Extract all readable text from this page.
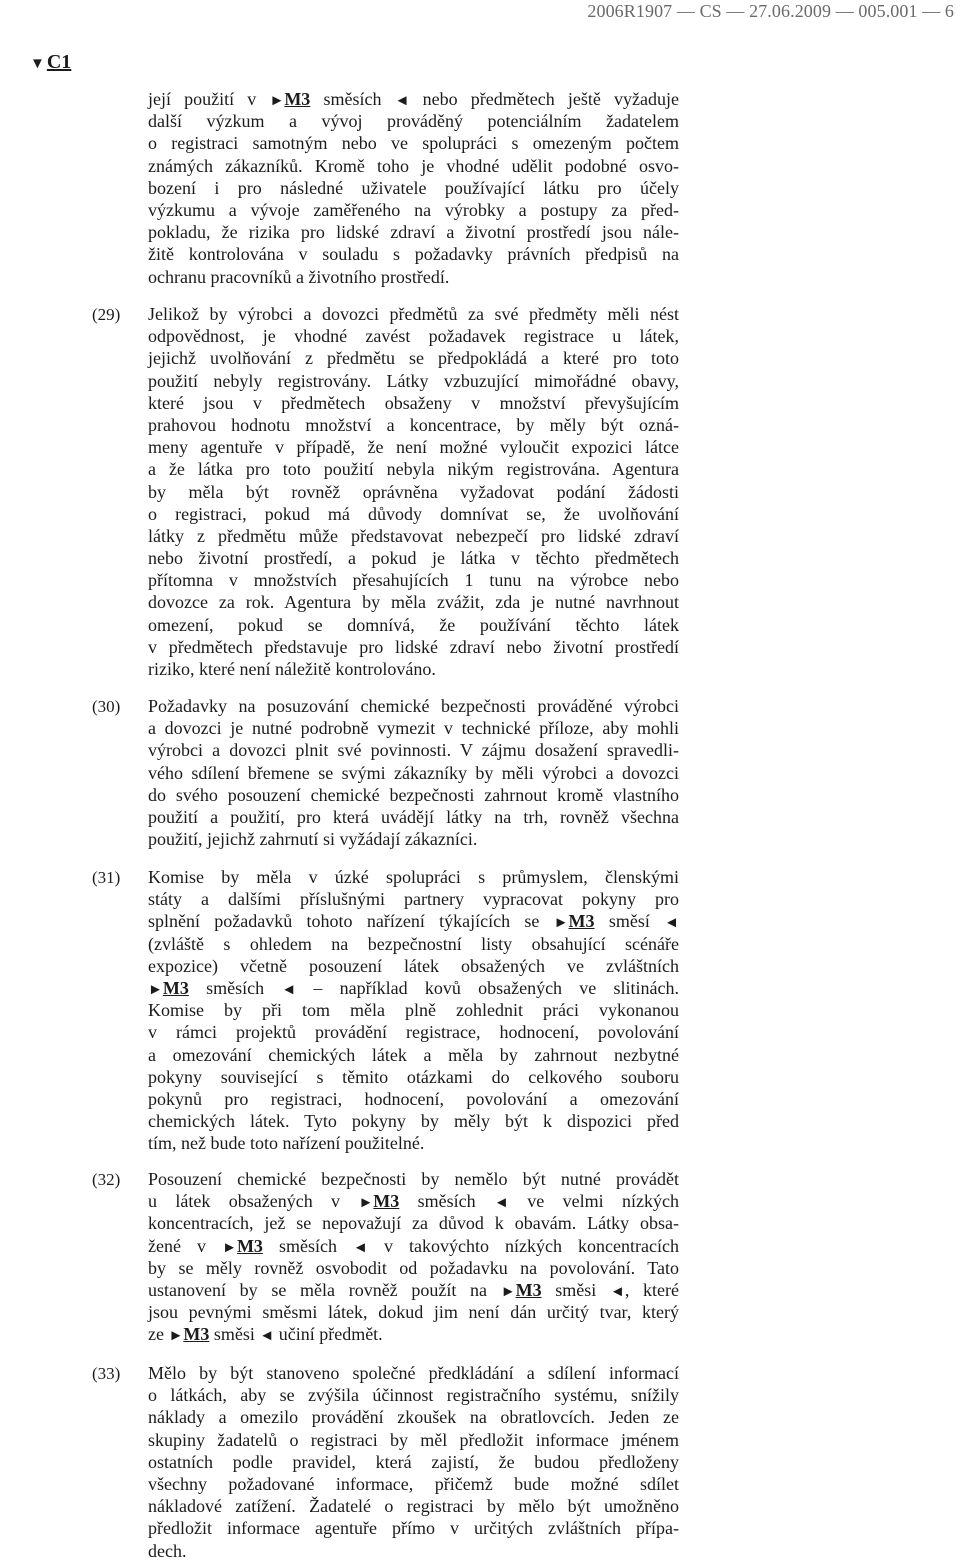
2006R1907 — CS — 27.06.2009 — 005.001 — 6
▼ C1
její použití v ►M3 směsích ◄ nebo předmětech ještě vyžaduje
další výzkum a vývoj prováděný potenciálním žadatelem
o registraci samotným nebo ve spolupráci s omezeným počtem
známých zákazníků. Kromě toho je vhodné udělit podobné osvo-
bození i pro následné uživatele používající látku pro účely
výzkumu a vývoje zaměřeného na výrobky a postupy za před-
pokladu, že rizika pro lidské zdraví a životní prostředí jsou nále-
žitě kontrolována v souladu s požadavky právních předpisů na
ochranu pracovníků a životního prostředí.
(29) Jelikož by výrobci a dovozci předmětů za své předměty měli nést
odpovědnost, je vhodné zavést požadavek registrace u látek,
jejichž uvolňování z předmětu se předpokládá a které pro toto
použití nebyly registrovány. Látky vzbuzující mimořádné obavy,
které jsou v předmětech obsaženy v množství převyšujícím
prahovou hodnotu množství a koncentrace, by měly být ozná-
meny agentuře v případě, že není možné vyloučit expozici látce
a že látka pro toto použití nebyla nikým registrována. Agentura
by měla být rovněž oprávněna vyžadovat podání žádosti
o registraci, pokud má důvody domnívat se, že uvolňování
látky z předmětu může představovat nebezpečí pro lidské zdraví
nebo životní prostředí, a pokud je látka v těchto předmětech
přítomna v množstvích přesahujících 1 tunu na výrobce nebo
dovozce za rok. Agentura by měla zvážit, zda je nutné navrhnout
omezení, pokud se domnívá, že používání těchto látek
v předmětech představuje pro lidské zdraví nebo životní prostředí
riziko, které není náležitě kontrolováno.
(30) Požadavky na posuzování chemické bezpečnosti prováděné výrobci
a dovozci je nutné podrobně vymezit v technické příloze, aby mohli
výrobci a dovozci plnit své povinnosti. V zájmu dosažení spravedli-
vého sdílení břemene se svými zákazníky by měli výrobci a dovozci
do svého posouzení chemické bezpečnosti zahrnout kromě vlastního
použití a použití, pro která uvádějí látky na trh, rovněž všechna
použití, jejichž zahrnutí si vyžádají zákazníci.
(31) Komise by měla v úzké spolupráci s průmyslem, členskými
státy a dalšími příslušnými partnery vypracovat pokyny pro
splnění požadavků tohoto nařízení týkajících se ►M3 směsí ◄
(zvláště s ohledem na bezpečnostní listy obsahující scénáře
expozice) včetně posouzení látek obsažených ve zvláštních
►M3 směsích ◄ – například kovů obsažených ve slitinách.
Komise by při tom měla plně zohlednit práci vykonanou
v rámci projektů provádění registrace, hodnocení, povolování
a omezování chemických látek a měla by zahrnout nezbytné
pokyny související s těmito otázkami do celkového souboru
pokynů pro registraci, hodnocení, povolování a omezování
chemických látek. Tyto pokyny by měly být k dispozici před
tím, než bude toto nařízení použitelné.
(32) Posouzení chemické bezpečnosti by nemělo být nutné provádět
u látek obsažených v ►M3 směsích ◄ ve velmi nízkých
koncentracích, jež se nepovažují za důvod k obavám. Látky obsa-
žené v ►M3 směsích ◄ v takovýchto nízkých koncentracích
by se měly rovněž osvobodit od požadavku na povolování. Tato
ustanovení by se měla rovněž použít na ►M3 směsi ◄, které
jsou pevnými směsmi látek, dokud jim není dán určitý tvar, který
ze ►M3 směsi ◄ učiní předmět.
(33) Mělo by být stanoveno společné předkládání a sdílení informací
o látkách, aby se zvýšila účinnost registračního systému, snížily
náklady a omezilo provádění zkoušek na obratlovcích. Jeden ze
skupiny žadatelů o registraci by měl předložit informace jménem
ostatních podle pravidel, která zajistí, že budou předloženy
všechny požadované informace, přičemž bude možné sdílet
nákladové zatížení. Žadatelé o registraci by mělo být umožněno
předložit informace agentuře přímo v určitých zvláštních přípa-
dech.
